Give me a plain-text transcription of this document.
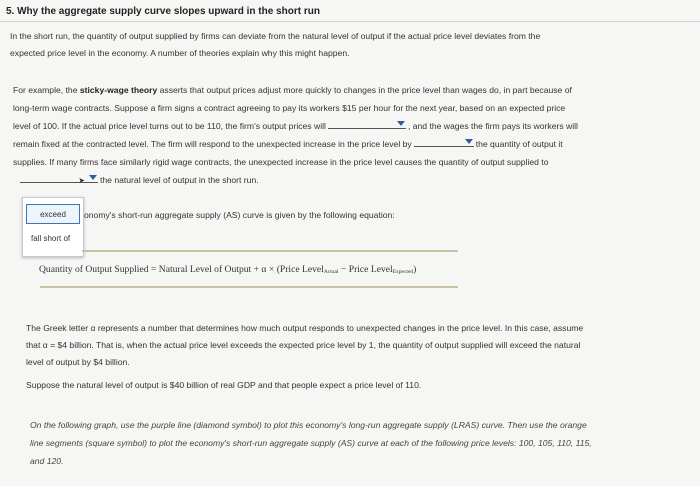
5. Why the aggregate supply curve slopes upward in the short run
In the short run, the quantity of output supplied by firms can deviate from the natural level of output if the actual price level deviates from the
expected price level in the economy. A number of theories explain why this might happen.
For example, the sticky-wage theory asserts that output prices adjust more quickly to changes in the price level than wages do, in part because of
long-term wage contracts. Suppose a firm signs a contract agreeing to pay its workers $15 per hour for the next year, based on an expected price
level of 100. If the actual price level turns out to be 110, the firm's output prices will	, and the wages the firm pays its workers will
remain fixed at the contracted level. The firm will respond to the unexpected increase in the price level by	the quantity of output it
supplies. If many firms face similarly rigid wage contracts, the unexpected increase in the price level causes the quantity of output supplied to
➤ the natural level of output in the short run.
onomy's short-run aggregate supply (AS) curve is given by the following equation:
exceed
fall short of
Quantity of Output Supplied = Natural Level of Output + α × (Price Level$_{Actual}$ − Price Level$_{Expected}$)
The Greek letter α represents a number that determines how much output responds to unexpected changes in the price level. In this case, assume
that α = $4 billion. That is, when the actual price level exceeds the expected price level by 1, the quantity of output supplied will exceed the natural
level of output by $4 billion.
Suppose the natural level of output is $40 billion of real GDP and that people expect a price level of 110.
On the following graph, use the purple line (diamond symbol) to plot this economy's long-run aggregate supply (LRAS) curve. Then use the orange
line segments (square symbol) to plot the economy's short-run aggregate supply (AS) curve at each of the following price levels: 100, 105, 110, 115,
and 120.
